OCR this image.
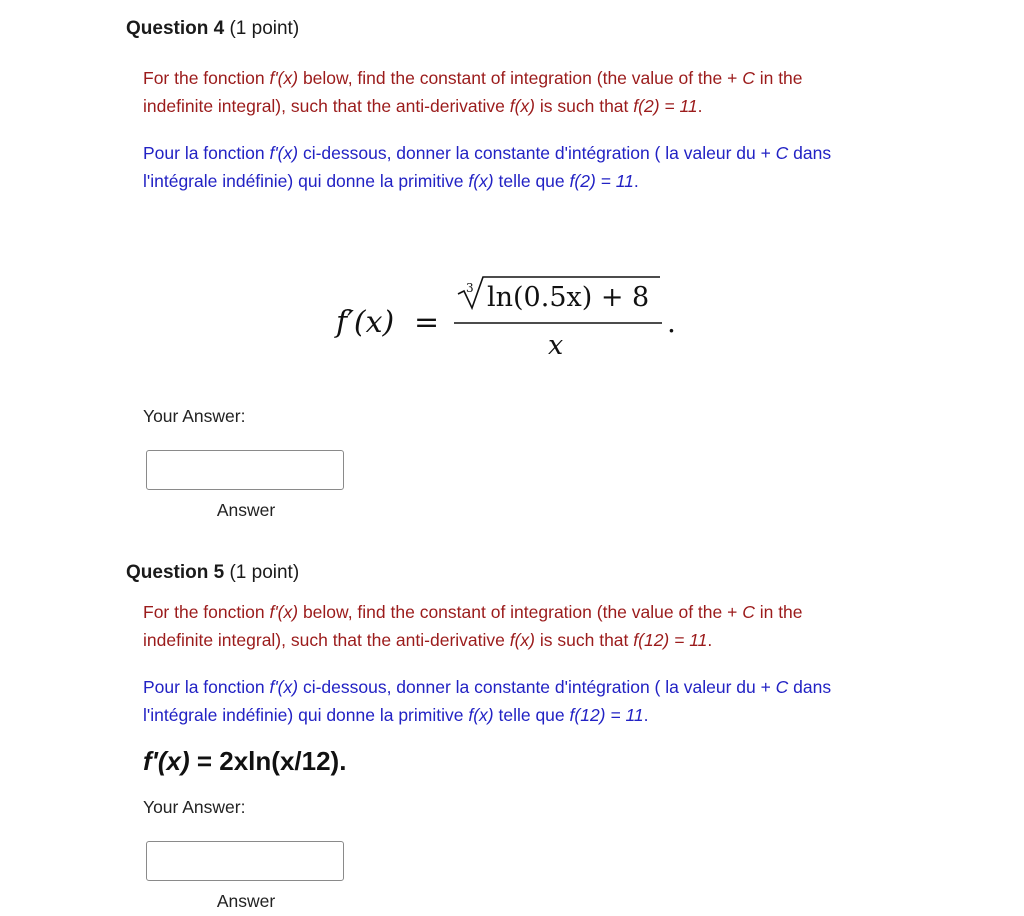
Question 4 (1 point)
For the fonction f'(x) below, find the constant of integration (the value of the + C in the indefinite integral), such that the anti-derivative f(x) is such that f(2) = 11.
Pour la fonction f'(x) ci-dessous, donner la constante d'intégration ( la valeur du + C dans l'intégrale indéfinie) qui donne la primitive f(x) telle que f(2) = 11.
f′(x) =
3 ln(0.5x) + 8
x
.
Your Answer:
Answer
Question 5 (1 point)
For the fonction f'(x) below, find the constant of integration (the value of the + C in the indefinite integral), such that the anti-derivative f(x) is such that f(12) = 11.
Pour la fonction f'(x) ci-dessous, donner la constante d'intégration ( la valeur du + C dans l'intégrale indéfinie) qui donne la primitive f(x) telle que f(12) = 11.
f'(x) = 2xln(x/12).
Your Answer:
Answer
